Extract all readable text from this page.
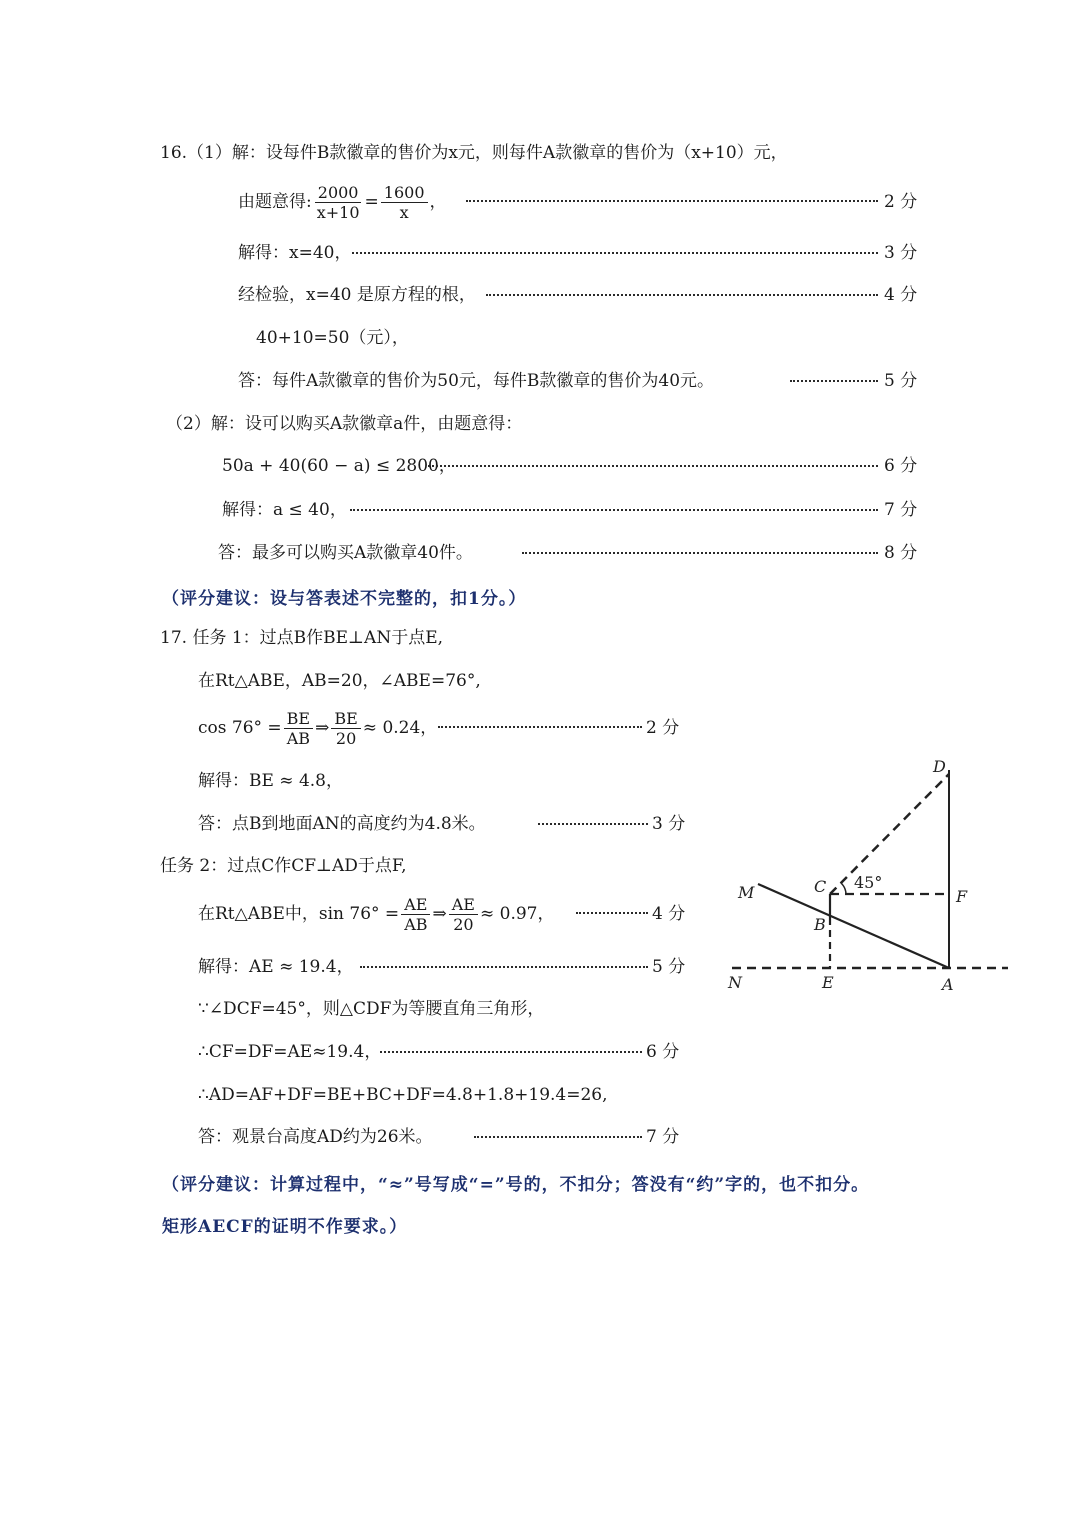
16.（1）解：设每件B款徽章的售价为x元，则每件A款徽章的售价为（x+10）元，
由题意得: $\frac{2000}{x+10} = \frac{1600}{x}$ ，	2 分
解得：x=40，	3 分
经检验，x=40 是原方程的根，	4 分
40+10=50（元），
答：每件A款徽章的售价为50元，每件B款徽章的售价为40元。	5 分
（2）解：设可以购买A款徽章a件，由题意得：
50a + 40(60 − a) ≤ 2800，	6 分
解得：a ≤ 40，	7 分
答：最多可以购买A款徽章40件。	8 分
（评分建议：设与答表述不完整的，扣1分。）
17. 任务 1：过点B作BE⊥AN于点E,
在Rt△ABE，AB=20，∠ABE=76°,
$\cos 76^\circ = \frac{BE}{AB}$ ⇒ $\frac{BE}{20} \approx 0.24$，	2 分
解得：BE ≈ 4.8，
答：点B到地面AN的高度约为4.8米。	3 分
任务 2：过点C作CF⊥AD于点F,
在Rt△ABE中，$\sin 76^\circ = \frac{AE}{AB}$ ⇒ $\frac{AE}{20} \approx 0.97$，	4 分
解得：AE ≈ 19.4，	5 分
∵∠DCF=45°，则△CDF为等腰直角三角形，
∴CF=DF=AE≈19.4，	6 分
∴AD=AF+DF=BE+BC+DF=4.8+1.8+19.4=26,
答：观景台高度AD约为26米。	7 分
（评分建议：计算过程中，“≈”号写成“=”号的，不扣分；答没有“约”字的，也不扣分。
矩形AECF的证明不作要求。）
D
C 45°
M	F
B
N	E	A
